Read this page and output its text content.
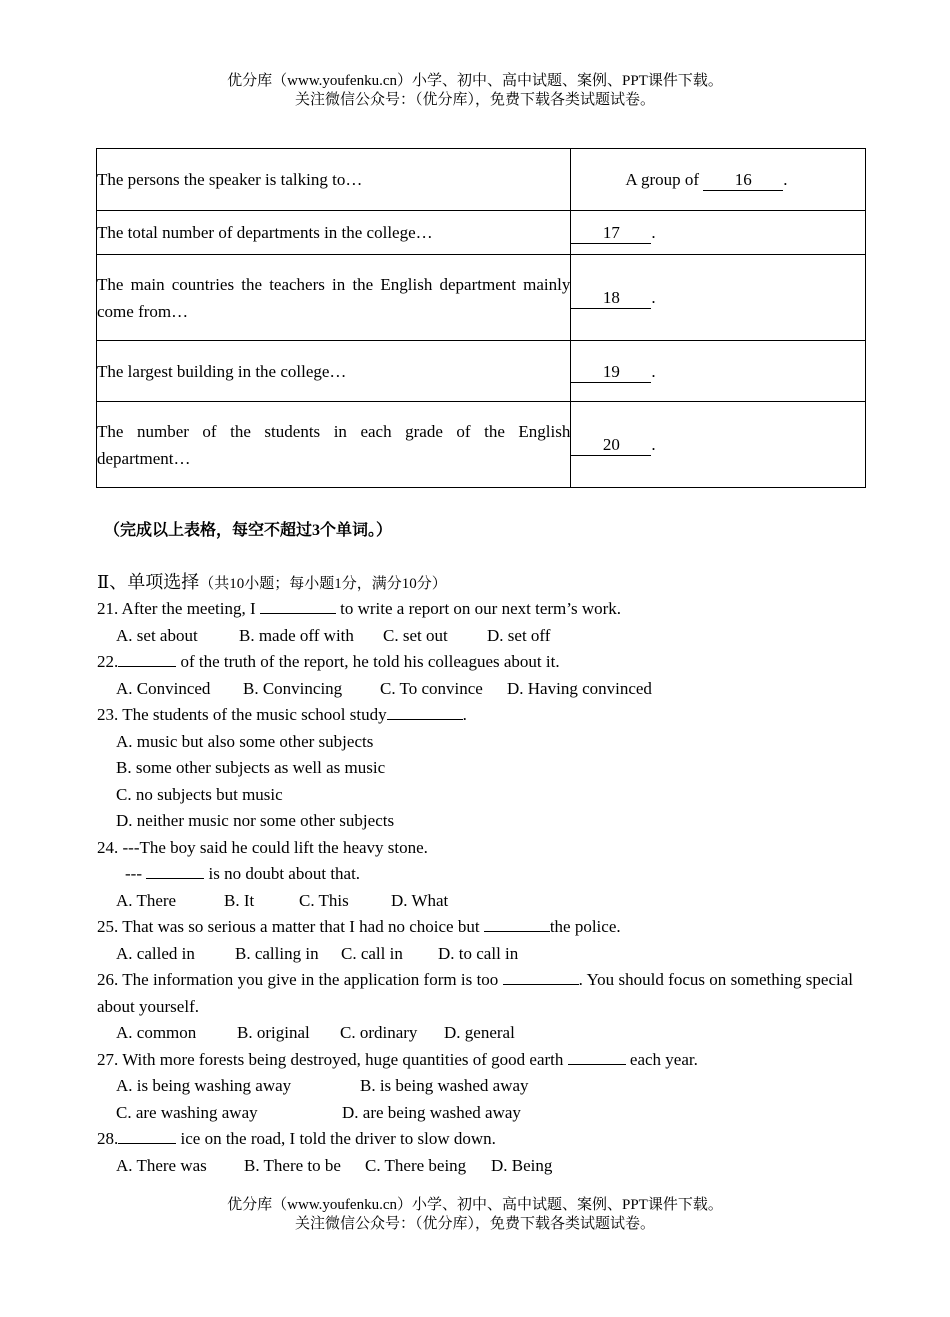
优分库（www.youfenku.cn）小学、初中、高中试题、案例、PPT课件下载。
关注微信公众号：（优分库），免费下载各类试题试卷。
The persons the speaker is talking to…	A group of 16 .
The total number of departments in the college…	17 .
The main countries the teachers in the English department mainly come from…	18 .
The largest building in the college…	19 .
The number of the students in each grade of the English department…	20 .
（完成以上表格，每空不超过3个单词。）
Ⅱ、单项选择（共10小题；每小题1分，满分10分）
21. After the meeting, I	to write a report on our next term’s work.
A. set about B. made off with C. set out D. set off
22.	of the truth of the report, he told his colleagues about it.
A. Convinced B. Convincing C. To convince D. Having convinced
23. The students of the music school study	.
A. music but also some other subjects
B. some other subjects as well as music
C. no subjects but music
D. neither music nor some other subjects
24. ---The boy said he could lift the heavy stone.
---	is no doubt about that.
A. There	B. It	C. This D. What
25. That was so serious a matter that I had no choice but	the police.
A. called in B. calling in C. call in D. to call in
26. The information you give in the application form is too	. You should focus on something special about yourself.
A. common B. original C. ordinary D. general
27. With more forests being destroyed, huge quantities of good earth	each year.
A. is being washing away	B. is being washed away
C. are washing away	D. are being washed away
28.	ice on the road, I told the driver to slow down.
A. There was B. There to be C. There being D. Being
优分库（www.youfenku.cn）小学、初中、高中试题、案例、PPT课件下载。
关注微信公众号：（优分库），免费下载各类试题试卷。
